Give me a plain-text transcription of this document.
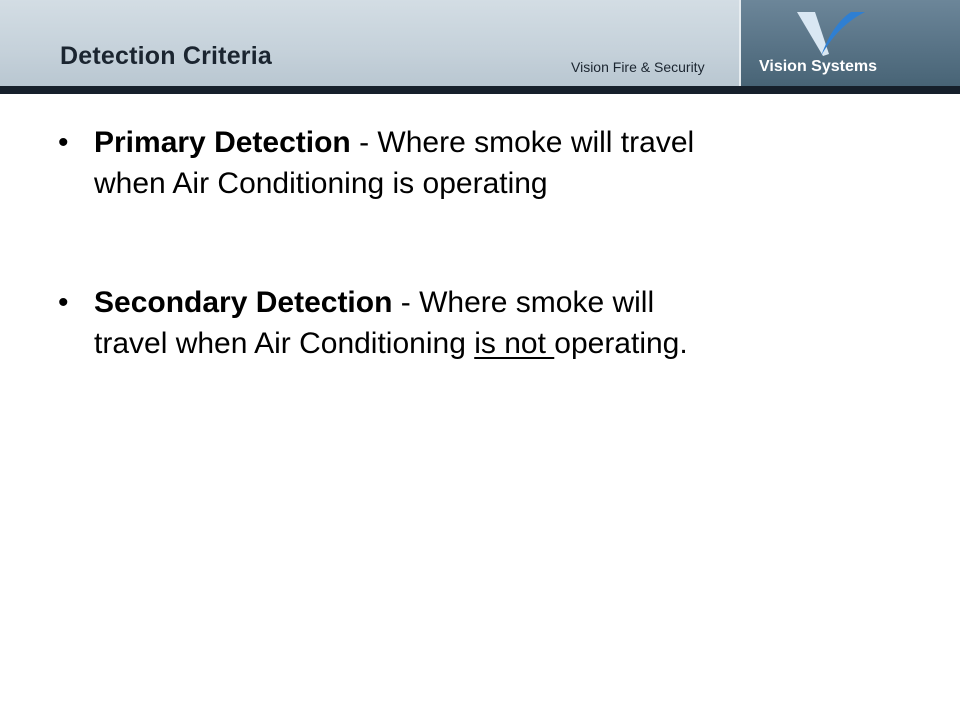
Detection Criteria	Vision Fire & Security	Vision Systems
• Primary Detection - Where smoke will travel when Air Conditioning is operating
• Secondary Detection - Where smoke will travel when Air Conditioning is not operating.
